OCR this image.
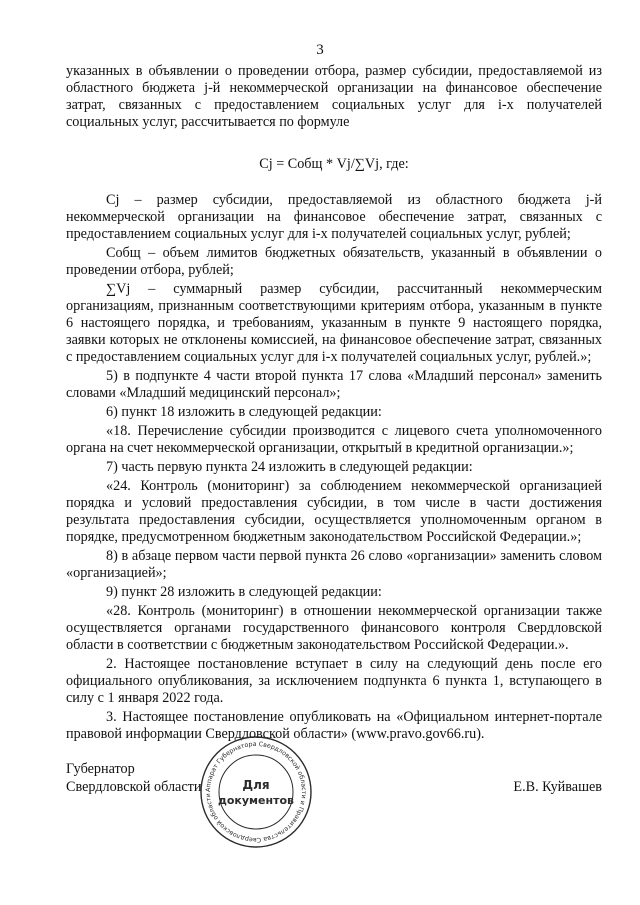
3

указанных в объявлении о проведении отбора, размер субсидии, предоставляемой из областного бюджета j-й некоммерческой организации на финансовое обеспечение затрат, связанных с предоставлением социальных услуг для i-х получателей социальных услуг, рассчитывается по формуле

Cj = Cобщ * Vj/∑Vj, где:

Cj – размер субсидии, предоставляемой из областного бюджета j-й некоммерческой организации на финансовое обеспечение затрат, связанных с предоставлением социальных услуг для i-х получателей социальных услуг, рублей;

Cобщ – объем лимитов бюджетных обязательств, указанный в объявлении о проведении отбора, рублей;

∑Vj – суммарный размер субсидии, рассчитанный некоммерческим организациям, признанным соответствующими критериям отбора, указанным в пункте 6 настоящего порядка, и требованиям, указанным в пункте 9 настоящего порядка, заявки которых не отклонены комиссией, на финансовое обеспечение затрат, связанных с предоставлением социальных услуг для i-х получателей социальных услуг, рублей.»;

5) в подпункте 4 части второй пункта 17 слова «Младший персонал» заменить словами «Младший медицинский персонал»;

6) пункт 18 изложить в следующей редакции:

«18. Перечисление субсидии производится с лицевого счета уполномоченного органа на счет некоммерческой организации, открытый в кредитной организации.»;

7) часть первую пункта 24 изложить в следующей редакции:

«24. Контроль (мониторинг) за соблюдением некоммерческой организацией порядка и условий предоставления субсидии, в том числе в части достижения результата предоставления субсидии, осуществляется уполномоченным органом в порядке, предусмотренном бюджетным законодательством Российской Федерации.»;

8) в абзаце первом части первой пункта 26 слово «организации» заменить словом «организацией»;

9) пункт 28 изложить в следующей редакции:

«28. Контроль (мониторинг) в отношении некоммерческой организации также осуществляется органами государственного финансового контроля Свердловской области в соответствии с бюджетным законодательством Российской Федерации.».

2. Настоящее постановление вступает в силу на следующий день после его официального опубликования, за исключением подпункта 6 пункта 1, вступающего в силу с 1 января 2022 года.

3. Настоящее постановление опубликовать на «Официальном интернет-портале правовой информации Свердловской области» (www.pravo.gov66.ru).

Губернатор
Свердловской области	Е.В. Куйвашев
Аппарат Губернатора Свердловской области и Правительства Свердловской области
Для
документов
